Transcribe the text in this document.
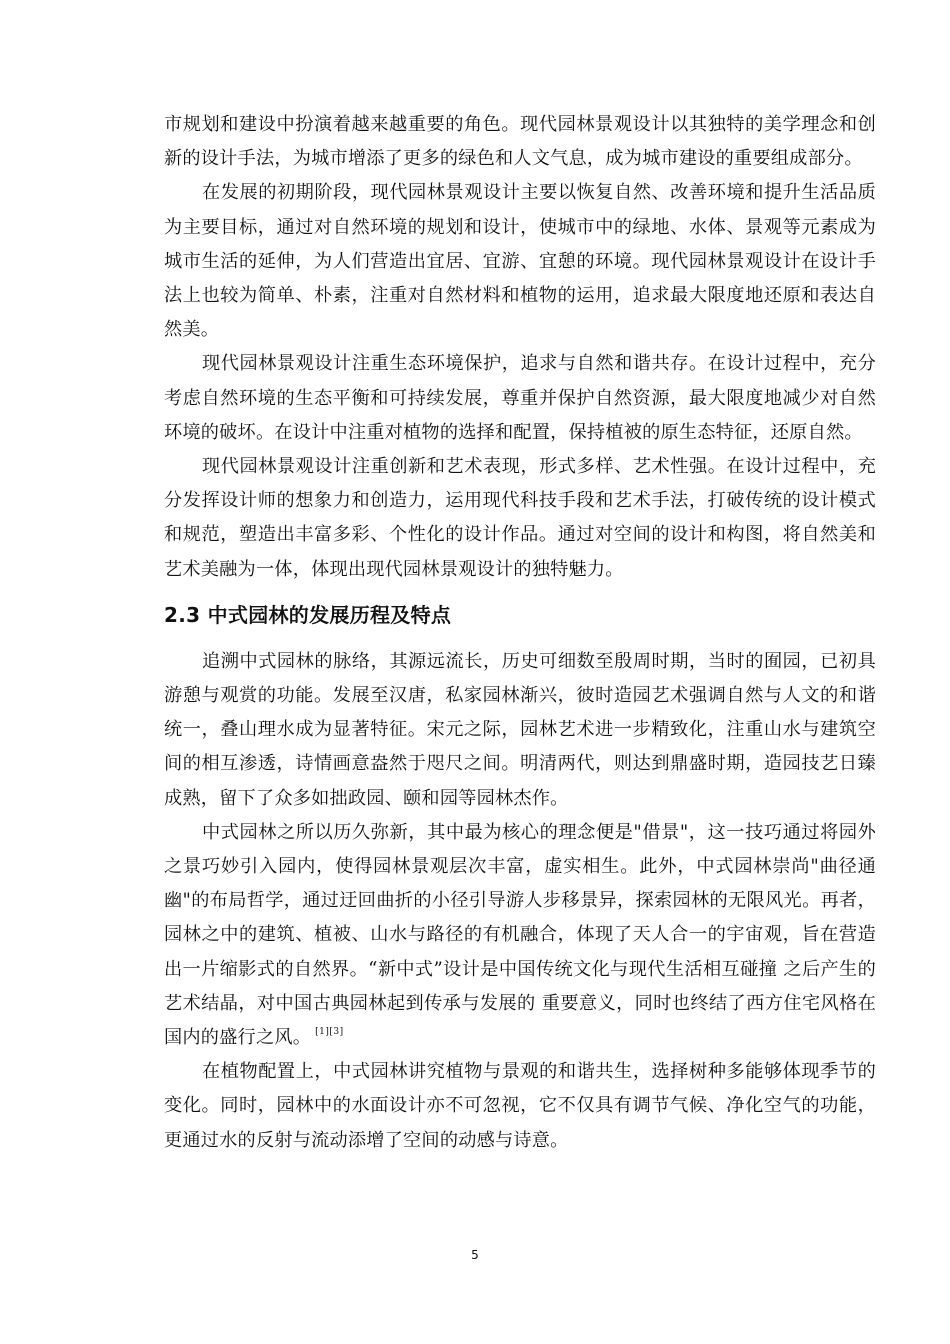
市规划和建设中扮演着越来越重要的角色。现代园林景观设计以其独特的美学理念和创新的设计手法，为城市增添了更多的绿色和人文气息，成为城市建设的重要组成部分。

在发展的初期阶段，现代园林景观设计主要以恢复自然、改善环境和提升生活品质为主要目标，通过对自然环境的规划和设计，使城市中的绿地、水体、景观等元素成为城市生活的延伸，为人们营造出宜居、宜游、宜憩的环境。现代园林景观设计在设计手法上也较为简单、朴素，注重对自然材料和植物的运用，追求最大限度地还原和表达自然美。

现代园林景观设计注重生态环境保护，追求与自然和谐共存。在设计过程中，充分考虑自然环境的生态平衡和可持续发展，尊重并保护自然资源，最大限度地减少对自然环境的破坏。在设计中注重对植物的选择和配置，保持植被的原生态特征，还原自然。

现代园林景观设计注重创新和艺术表现，形式多样、艺术性强。在设计过程中，充分发挥设计师的想象力和创造力，运用现代科技手段和艺术手法，打破传统的设计模式和规范，塑造出丰富多彩、个性化的设计作品。通过对空间的设计和构图，将自然美和艺术美融为一体，体现出现代园林景观设计的独特魅力。

2.3 中式园林的发展历程及特点

追溯中式园林的脉络，其源远流长，历史可细数至殷周时期，当时的囿园，已初具游憩与观赏的功能。发展至汉唐，私家园林渐兴，彼时造园艺术强调自然与人文的和谐统一，叠山理水成为显著特征。宋元之际，园林艺术进一步精致化，注重山水与建筑空间的相互渗透，诗情画意盎然于咫尺之间。明清两代，则达到鼎盛时期，造园技艺日臻成熟，留下了众多如拙政园、颐和园等园林杰作。

中式园林之所以历久弥新，其中最为核心的理念便是"借景"，这一技巧通过将园外之景巧妙引入园内，使得园林景观层次丰富，虚实相生。此外，中式园林崇尚"曲径通幽"的布局哲学，通过迂回曲折的小径引导游人步移景异，探索园林的无限风光。再者，园林之中的建筑、植被、山水与路径的有机融合，体现了天人合一的宇宙观，旨在营造出一片缩影式的自然界。“新中式”设计是中国传统文化与现代生活相互碰撞 之后产生的艺术结晶，对中国古典园林起到传承与发展的 重要意义，同时也终结了西方住宅风格在国内的盛行之风。 [1][3]

在植物配置上，中式园林讲究植物与景观的和谐共生，选择树种多能够体现季节的变化。同时，园林中的水面设计亦不可忽视，它不仅具有调节气候、净化空气的功能，更通过水的反射与流动添增了空间的动感与诗意。

5
